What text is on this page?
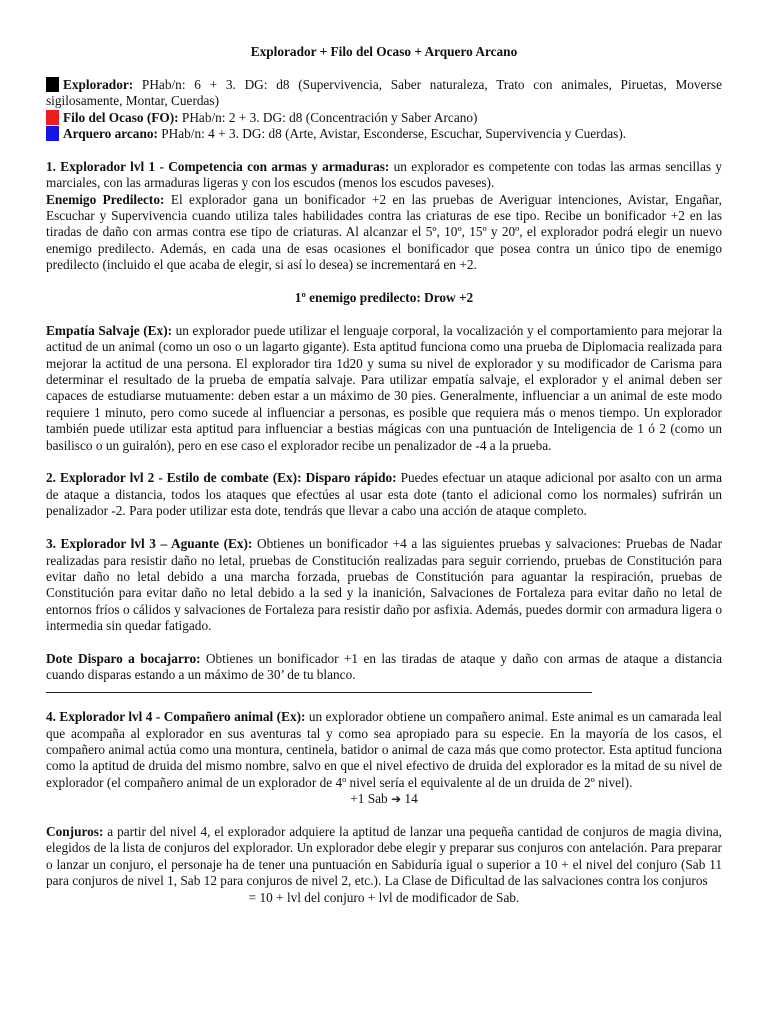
Explorador + Filo del Ocaso + Arquero Arcano

Explorador: PHab/n: 6 + 3. DG: d8 (Supervivencia, Saber naturaleza, Trato con animales, Piruetas, Moverse sigilosamente, Montar, Cuerdas)

Filo del Ocaso (FO): PHab/n: 2 + 3. DG: d8 (Concentración y Saber Arcano)

Arquero arcano: PHab/n: 4 + 3. DG: d8 (Arte, Avistar, Esconderse, Escuchar, Supervivencia y Cuerdas).

1. Explorador lvl 1 - Competencia con armas y armaduras: un explorador es competente con todas las armas sencillas y marciales, con las armaduras ligeras y con los escudos (menos los escudos paveses).

Enemigo Predilecto: El explorador gana un bonificador +2 en las pruebas de Averiguar intenciones, Avistar, Engañar, Escuchar y Supervivencia cuando utiliza tales habilidades contra las criaturas de ese tipo. Recibe un bonificador +2 en las tiradas de daño con armas contra ese tipo de criaturas. Al alcanzar el 5º, 10º, 15º y 20º, el explorador podrá elegir un nuevo enemigo predilecto. Además, en cada una de esas ocasiones el bonificador que posea contra un único tipo de enemigo predilecto (incluido el que acaba de elegir, si así lo desea) se incrementará en +2.

1º enemigo predilecto: Drow +2

Empatía Salvaje (Ex): un explorador puede utilizar el lenguaje corporal, la vocalización y el comportamiento para mejorar la actitud de un animal (como un oso o un lagarto gigante). Esta aptitud funciona como una prueba de Diplomacia realizada para mejorar la actitud de una persona. El explorador tira 1d20 y suma su nivel de explorador y su modificador de Carisma para determinar el resultado de la prueba de empatía salvaje. Para utilizar empatía salvaje, el explorador y el animal deben ser capaces de estudiarse mutuamente: deben estar a un máximo de 30 pies. Generalmente, influenciar a un animal de este modo requiere 1 minuto, pero como sucede al influenciar a personas, es posible que requiera más o menos tiempo. Un explorador también puede utilizar esta aptitud para influenciar a bestias mágicas con una puntuación de Inteligencia de 1 ó 2 (como un basilisco o un guiralón), pero en ese caso el explorador recibe un penalizador de -4 a la prueba.

2. Explorador lvl 2 - Estilo de combate (Ex): Disparo rápido: Puedes efectuar un ataque adicional por asalto con un arma de ataque a distancia, todos los ataques que efectúes al usar esta dote (tanto el adicional como los normales) sufrirán un penalizador -2. Para poder utilizar esta dote, tendrás que llevar a cabo una acción de ataque completo.

3. Explorador lvl 3 – Aguante (Ex): Obtienes un bonificador +4 a las siguientes pruebas y salvaciones: Pruebas de Nadar realizadas para resistir daño no letal, pruebas de Constitución realizadas para seguir corriendo, pruebas de Constitución para evitar daño no letal debido a una marcha forzada, pruebas de Constitución para aguantar la respiración, pruebas de Constitución para evitar daño no letal debido a la sed y la inanición, Salvaciones de Fortaleza para evitar daño no letal de entornos fríos o cálidos y salvaciones de Fortaleza para resistir daño por asfixia. Además, puedes dormir con armadura ligera o intermedia sin quedar fatigado.

Dote Disparo a bocajarro: Obtienes un bonificador +1 en las tiradas de ataque y daño con armas de ataque a distancia cuando disparas estando a un máximo de 30’ de tu blanco.

4. Explorador lvl 4 - Compañero animal (Ex): un explorador obtiene un compañero animal. Este animal es un camarada leal que acompaña al explorador en sus aventuras tal y como sea apropiado para su especie. En la mayoría de los casos, el compañero animal actúa como una montura, centinela, batidor o animal de caza más que como protector. Esta aptitud funciona como la aptitud de druida del mismo nombre, salvo en que el nivel efectivo de druida del explorador es la mitad de su nivel de explorador (el compañero animal de un explorador de 4º nivel sería el equivalente al de un druida de 2º nivel).

+1 Sab ➔ 14

Conjuros: a partir del nivel 4, el explorador adquiere la aptitud de lanzar una pequeña cantidad de conjuros de magia divina, elegidos de la lista de conjuros del explorador. Un explorador debe elegir y preparar sus conjuros con antelación. Para preparar o lanzar un conjuro, el personaje ha de tener una puntuación en Sabiduría igual o superior a 10 + el nivel del conjuro (Sab 11 para conjuros de nivel 1, Sab 12 para conjuros de nivel 2, etc.). La Clase de Dificultad de las salvaciones contra los conjuros

= 10 + lvl del conjuro + lvl de modificador de Sab.
